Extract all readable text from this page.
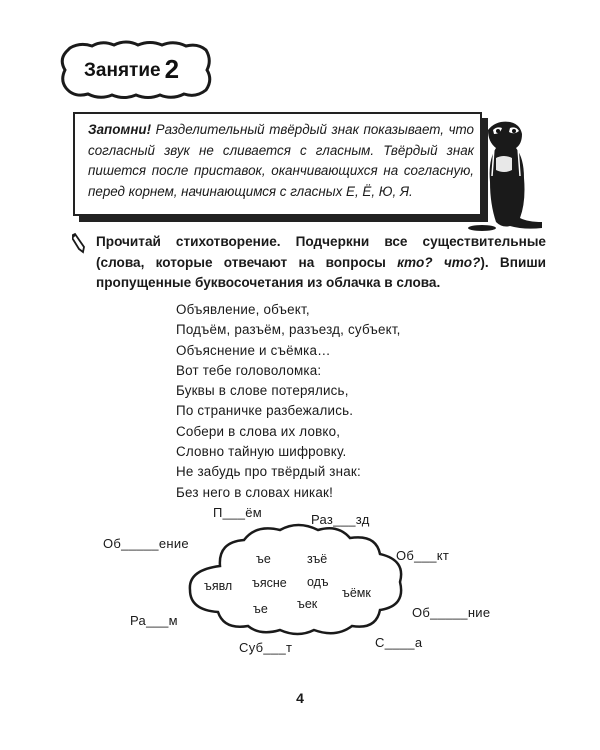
Занятие 2
Запомни! Разделительный твёрдый знак показывает, что согласный звук не сливается с гласным. Твёрдый знак пишется после приставок, оканчивающихся на согласную, перед корнем, начинающимся с гласных Е, Ё, Ю, Я.
Прочитай стихотворение. Подчеркни все существительные (слова, которые отвечают на вопросы кто? что?). Впиши пропущенные буквосочетания из облачка в слова.
Объявление, объект,
Подъём, разъём, разъезд, субъект,
Объяснение и съёмка…
Вот тебе головоломка:
Буквы в слове потерялись,
По страничке разбежались.
Собери в слова их ловко,
Словно тайную шифровку.
Не забудь про твёрдый знак:
Без него в словах никак!
ъе	зъё
ъявл ъясне одъ
ъёмк
ъе ъек
П___ём	Раз___зд
Об_____ение
Об___кт
Ра___м
Об_____ние
Суб___т	С____а
4
